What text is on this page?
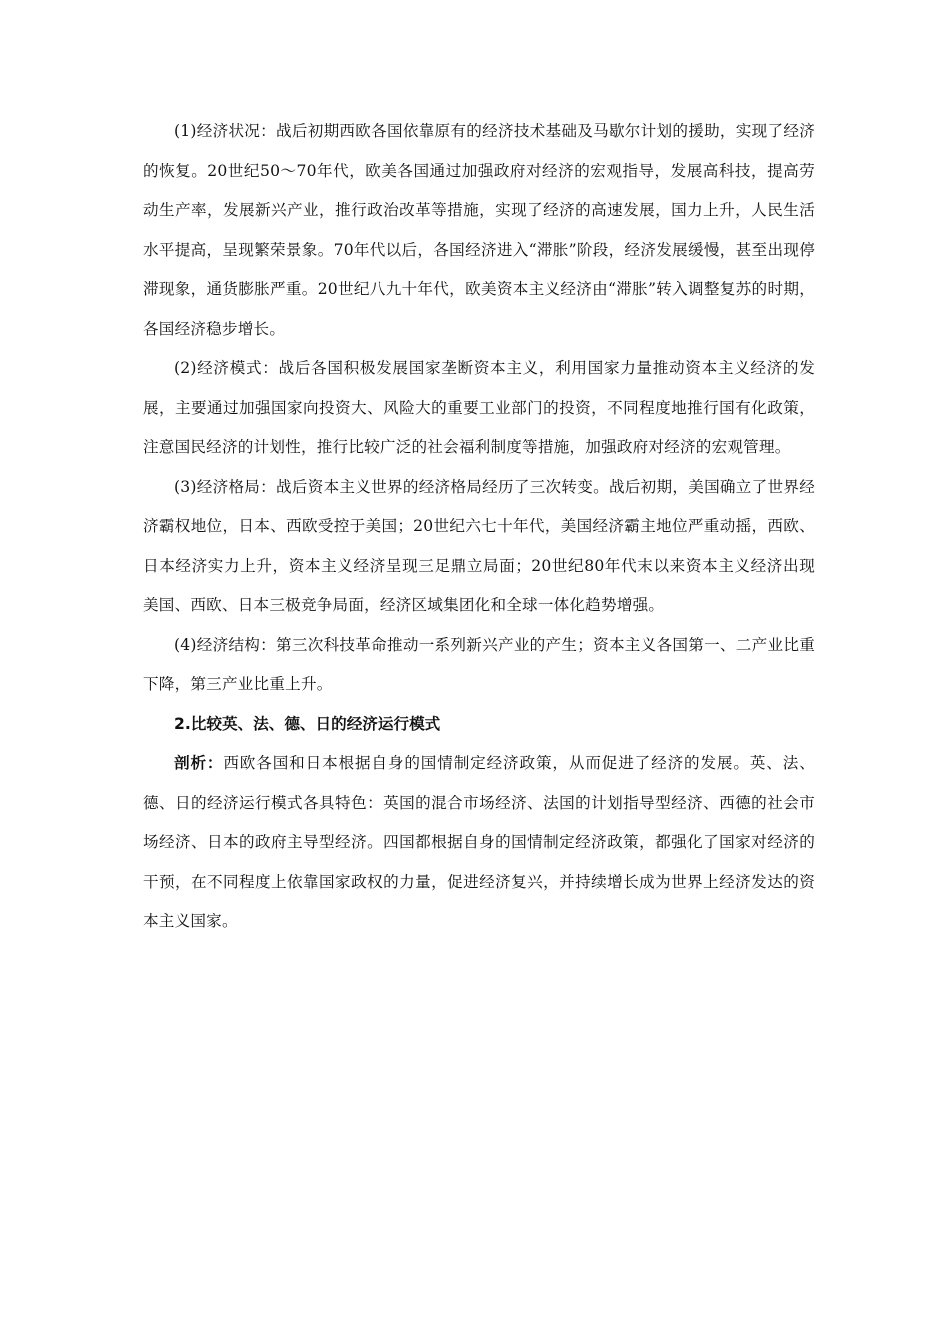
(1)经济状况：战后初期西欧各国依靠原有的经济技术基础及马歇尔计划的援助，实现了经济的恢复。20世纪50～70年代，欧美各国通过加强政府对经济的宏观指导，发展高科技，提高劳动生产率，发展新兴产业，推行政治改革等措施，实现了经济的高速发展，国力上升，人民生活水平提高，呈现繁荣景象。70年代以后，各国经济进入“滞胀”阶段，经济发展缓慢，甚至出现停滞现象，通货膨胀严重。20世纪八九十年代，欧美资本主义经济由“滞胀”转入调整复苏的时期，各国经济稳步增长。

(2)经济模式：战后各国积极发展国家垄断资本主义，利用国家力量推动资本主义经济的发展，主要通过加强国家向投资大、风险大的重要工业部门的投资，不同程度地推行国有化政策，注意国民经济的计划性，推行比较广泛的社会福利制度等措施，加强政府对经济的宏观管理。

(3)经济格局：战后资本主义世界的经济格局经历了三次转变。战后初期，美国确立了世界经济霸权地位，日本、西欧受控于美国；20世纪六七十年代，美国经济霸主地位严重动摇，西欧、日本经济实力上升，资本主义经济呈现三足鼎立局面；20世纪80年代末以来资本主义经济出现美国、西欧、日本三极竞争局面，经济区域集团化和全球一体化趋势增强。

(4)经济结构：第三次科技革命推动一系列新兴产业的产生；资本主义各国第一、二产业比重下降，第三产业比重上升。

2.比较英、法、德、日的经济运行模式

剖析：西欧各国和日本根据自身的国情制定经济政策，从而促进了经济的发展。英、法、德、日的经济运行模式各具特色：英国的混合市场经济、法国的计划指导型经济、西德的社会市场经济、日本的政府主导型经济。四国都根据自身的国情制定经济政策，都强化了国家对经济的干预，在不同程度上依靠国家政权的力量，促进经济复兴，并持续增长成为世界上经济发达的资本主义国家。
